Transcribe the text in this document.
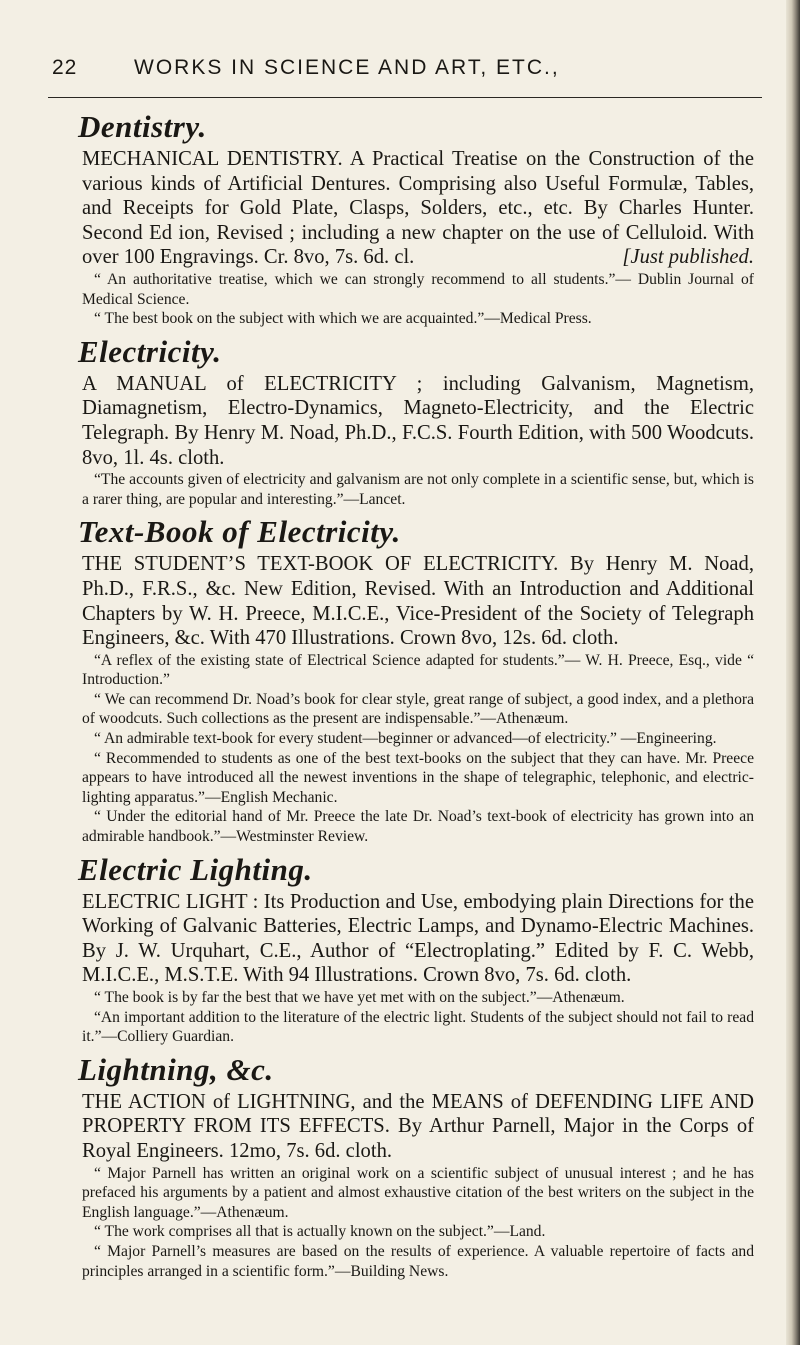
22	WORKS IN SCIENCE AND ART, ETC.,
Dentistry.

MECHANICAL DENTISTRY. A Practical Treatise on the Construction of the various kinds of Artificial Dentures. Comprising also Useful Formulæ, Tables, and Receipts for Gold Plate, Clasps, Solders, etc., etc. By Charles Hunter. Second Ed ion, Revised ; including a new chapter on the use of Celluloid. With over 100 Engravings. Cr. 8vo, 7s. 6d. cl.	[Just published.

“ An authoritative treatise, which we can strongly recommend to all students.”— Dublin Journal of Medical Science.

“ The best book on the subject with which we are acquainted.”—Medical Press.

Electricity.

A MANUAL of ELECTRICITY ; including Galvanism, Magnetism, Diamagnetism, Electro-Dynamics, Magneto-Electricity, and the Electric Telegraph. By Henry M. Noad, Ph.D., F.C.S. Fourth Edition, with 500 Woodcuts. 8vo, 1l. 4s. cloth.

“The accounts given of electricity and galvanism are not only complete in a scientific sense, but, which is a rarer thing, are popular and interesting.”—Lancet.

Text-Book of Electricity.

THE STUDENT’S TEXT-BOOK OF ELECTRICITY. By Henry M. Noad, Ph.D., F.R.S., &c. New Edition, Revised. With an Introduction and Additional Chapters by W. H. Preece, M.I.C.E., Vice-President of the Society of Telegraph Engineers, &c. With 470 Illustrations. Crown 8vo, 12s. 6d. cloth.

“A reflex of the existing state of Electrical Science adapted for students.”— W. H. Preece, Esq., vide “ Introduction.”

“ We can recommend Dr. Noad’s book for clear style, great range of subject, a good index, and a plethora of woodcuts. Such collections as the present are indispensable.”—Athenæum.

“ An admirable text-book for every student—beginner or advanced—of electricity.” —Engineering.

“ Recommended to students as one of the best text-books on the subject that they can have. Mr. Preece appears to have introduced all the newest inventions in the shape of telegraphic, telephonic, and electric-lighting apparatus.”—English Mechanic.

“ Under the editorial hand of Mr. Preece the late Dr. Noad’s text-book of electricity has grown into an admirable handbook.”—Westminster Review.

Electric Lighting.

ELECTRIC LIGHT : Its Production and Use, embodying plain Directions for the Working of Galvanic Batteries, Electric Lamps, and Dynamo-Electric Machines. By J. W. Urquhart, C.E., Author of “Electroplating.” Edited by F. C. Webb, M.I.C.E., M.S.T.E. With 94 Illustrations. Crown 8vo, 7s. 6d. cloth.

“ The book is by far the best that we have yet met with on the subject.”—Athenæum.

“An important addition to the literature of the electric light. Students of the subject should not fail to read it.”—Colliery Guardian.

Lightning, &c.

THE ACTION of LIGHTNING, and the MEANS of DEFENDING LIFE AND PROPERTY FROM ITS EFFECTS. By Arthur Parnell, Major in the Corps of Royal Engineers. 12mo, 7s. 6d. cloth.

“ Major Parnell has written an original work on a scientific subject of unusual interest ; and he has prefaced his arguments by a patient and almost exhaustive citation of the best writers on the subject in the English language.”—Athenæum.

“ The work comprises all that is actually known on the subject.”—Land.

“ Major Parnell’s measures are based on the results of experience. A valuable repertoire of facts and principles arranged in a scientific form.”—Building News.
